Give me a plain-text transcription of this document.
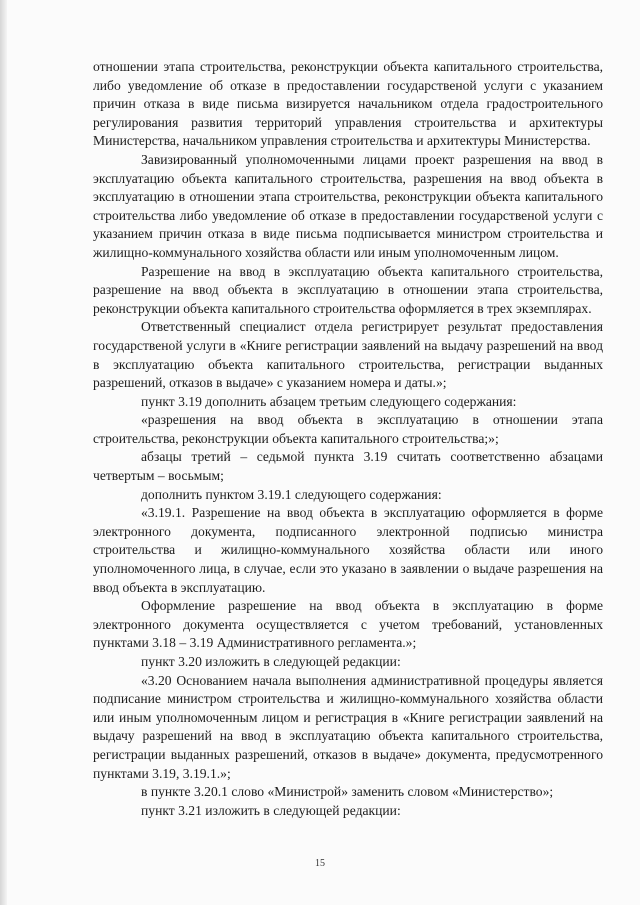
отношении этапа строительства, реконструкции объекта капитального строительства, либо уведомление об отказе в предоставлении государственой услуги с указанием причин отказа в виде письма визируется начальником отдела градостроительного регулирования развития территорий управления строительства и архитектуры Министерства, начальником управления строительства и архитектуры Министерства.

Завизированный уполномоченными лицами проект разрешения на ввод в эксплуатацию объекта капитального строительства, разрешения на ввод объекта в эксплуатацию в отношении этапа строительства, реконструкции объекта капитального строительства либо уведомление об отказе в предоставлении государственой услуги с указанием причин отказа в виде письма подписывается министром строительства и жилищно-коммунального хозяйства области или иным уполномоченным лицом.

Разрешение на ввод в эксплуатацию объекта капитального строительства, разрешение на ввод объекта в эксплуатацию в отношении этапа строительства, реконструкции объекта капитального строительства оформляется в трех экземплярах.

Ответственный специалист отдела регистрирует результат предоставления государственой услуги в «Книге регистрации заявлений на выдачу разрешений на ввод в эксплуатацию объекта капитального строительства, регистрации выданных разрешений, отказов в выдаче» с указанием номера и даты.»;

пункт 3.19 дополнить абзацем третьим следующего содержания:

«разрешения на ввод объекта в эксплуатацию в отношении этапа строительства, реконструкции объекта капитального строительства;»;

абзацы третий – седьмой пункта 3.19 считать соответственно абзацами четвертым – восьмым;

дополнить пунктом 3.19.1 следующего содержания:

«3.19.1. Разрешение на ввод объекта в эксплуатацию оформляется в форме электронного документа, подписанного электронной подписью министра строительства и жилищно-коммунального хозяйства области или иного уполномоченного лица, в случае, если это указано в заявлении о выдаче разрешения на ввод объекта в эксплуатацию.

Оформление разрешение на ввод объекта в эксплуатацию в форме электронного документа осуществляется с учетом требований, установленных пунктами 3.18 – 3.19 Административного регламента.»;

пункт 3.20 изложить в следующей редакции:

«3.20 Основанием начала выполнения административной процедуры является подписание министром строительства и жилищно-коммунального хозяйства области или иным уполномоченным лицом и регистрация в «Книге регистрации заявлений на выдачу разрешений на ввод в эксплуатацию объекта капитального строительства, регистрации выданных разрешений, отказов в выдаче» документа, предусмотренного пунктами 3.19, 3.19.1.»;

в пункте 3.20.1 слово «Министрой» заменить словом «Министерство»;

пункт 3.21 изложить в следующей редакции:

15
